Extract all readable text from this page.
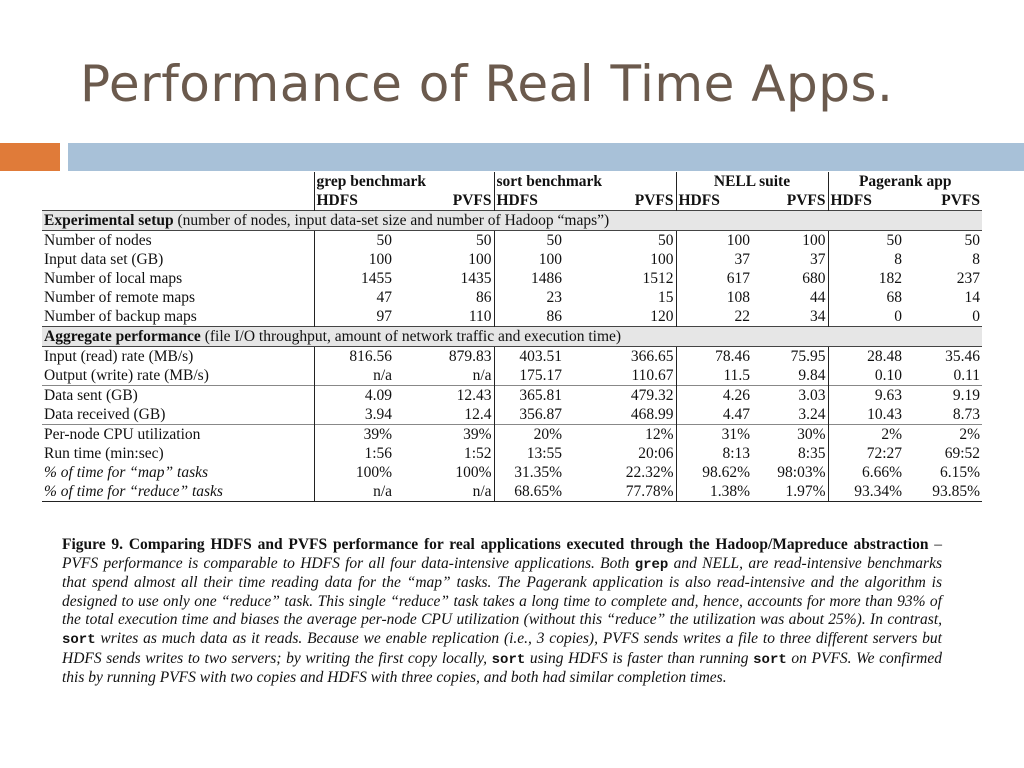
Performance of Real Time Apps.
	grep benchmark		sort benchmark		NELL suite		Pagerank app	
	HDFS	PVFS	HDFS	PVFS	HDFS	PVFS	HDFS	PVFS
Experimental setup (number of nodes, input data-set size and number of Hadoop “maps”)								
Number of nodes	50	50	50	50	100	100	50	50
Input data set (GB)	100	100	100	100	37	37	8	8
Number of local maps	1455	1435	1486	1512	617	680	182	237
Number of remote maps	47	86	23	15	108	44	68	14
Number of backup maps	97	110	86	120	22	34	0	0
Aggregate performance (file I/O throughput, amount of network traffic and execution time)								
Input (read) rate (MB/s)	816.56	879.83	403.51	366.65	78.46	75.95	28.48	35.46
Output (write) rate (MB/s)	n/a	n/a	175.17	110.67	11.5	9.84	0.10	0.11
Data sent (GB)	4.09	12.43	365.81	479.32	4.26	3.03	9.63	9.19
Data received (GB)	3.94	12.4	356.87	468.99	4.47	3.24	10.43	8.73
Per-node CPU utilization	39%	39%	20%	12%	31%	30%	2%	2%
Run time (min:sec)	1:56	1:52	13:55	20:06	8:13	8:35	72:27	69:52
% of time for “map” tasks	100%	100%	31.35%	22.32%	98.62%	98:03%	6.66%	6.15%
% of time for “reduce” tasks	n/a	n/a	68.65%	77.78%	1.38%	1.97%	93.34%	93.85%
Figure 9. Comparing HDFS and PVFS performance for real applications executed through the Hadoop/Mapreduce abstraction – PVFS performance is comparable to HDFS for all four data-intensive applications. Both grep and NELL, are read-intensive benchmarks that spend almost all their time reading data for the “map” tasks. The Pagerank application is also read-intensive and the algorithm is designed to use only one “reduce” task. This single “reduce” task takes a long time to complete and, hence, accounts for more than 93% of the total execution time and biases the average per-node CPU utilization (without this “reduce” the utilization was about 25%). In contrast, sort writes as much data as it reads. Because we enable replication (i.e., 3 copies), PVFS sends writes a file to three different servers but HDFS sends writes to two servers; by writing the first copy locally, sort using HDFS is faster than running sort on PVFS. We confirmed this by running PVFS with two copies and HDFS with three copies, and both had similar completion times.
